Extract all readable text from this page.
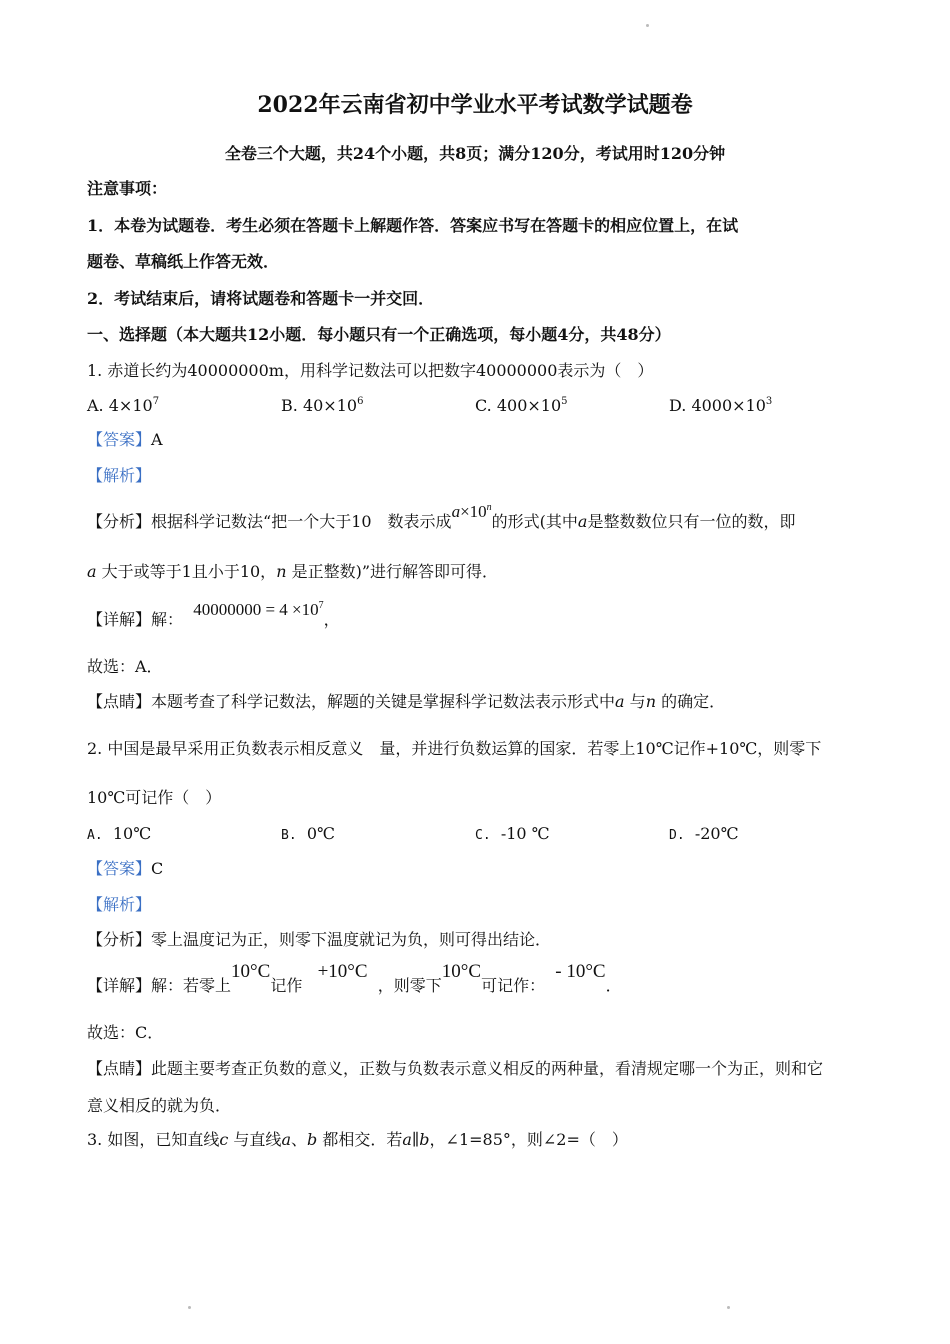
2022年云南省初中学业水平考试数学试题卷
全卷三个大题，共24个小题，共8页；满分120分，考试用时120分钟
注意事项：
1．本卷为试题卷．考生必须在答题卡上解题作答．答案应书写在答题卡的相应位置上，在试
题卷、草稿纸上作答无效．
2．考试结束后，请将试题卷和答题卡一并交回．
一、选择题（本大题共12小题．每小题只有一个正确选项，每小题4分，共48分）
1. 赤道长约为40000000m，用科学记数法可以把数字40000000表示为（　）
A. $4\times 10^7$	B. $40\times 10^6$	C. $400\times 10^5$	D. $4000\times 10^3$
【答案】A
【解析】
【分析】根据科学记数法“把一个大于10　数表示成$a\times 10^n$的形式(其中a是整数数位只有一位的数，即
a 大于或等于1且小于10，n 是正整数)”进行解答即可得．
【详解】解：  $40000000 = 4 \times 10^7$，
故选：A．
【点睛】本题考查了科学记数法，解题的关键是掌握科学记数法表示形式中a 与n 的确定．
2. 中国是最早采用正负数表示相反意义　量，并进行负数运算的国家．若零上10℃记作+10℃，则零下
10℃可记作（　）
A. 10℃	B. 0℃	C. -10 ℃	D. -20℃
【答案】C
【解析】
【分析】零上温度记为正，则零下温度就记为负，则可得出结论．
【详解】解：若零上10°C记作   +10°C  ，则零下10°C可记作：  - 10°C．
故选：C．
【点睛】此题主要考查正负数的意义，正数与负数表示意义相反的两种量，看清规定哪一个为正，则和它
意义相反的就为负．
3. 如图，已知直线c 与直线a、b 都相交．若a∥b，∠1=85°，则∠2=（　）
